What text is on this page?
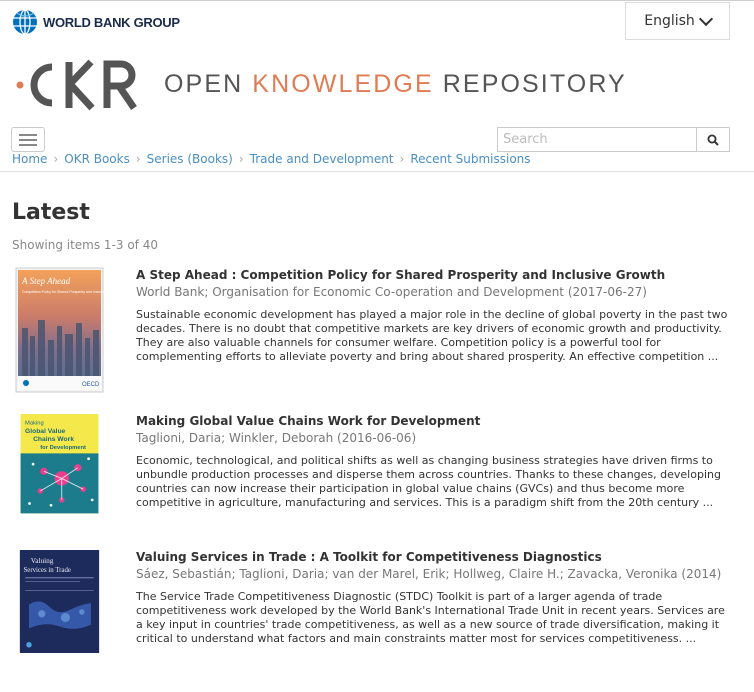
WORLD BANK GROUP	English
OPEN KNOWLEDGE REPOSITORY
Search
Home › OKR Books › Series (Books) › Trade and Development › Recent Submissions
Latest
Showing items 1-3 of 40
A Step Ahead
Competition Policy for Shared Prosperity and Inclusive Growth
OECD
A Step Ahead : Competition Policy for Shared Prosperity and Inclusive Growth
World Bank; Organisation for Economic Co-operation and Development (2017-06-27)
Sustainable economic development has played a major role in the decline of global poverty in the past two decades. There is no doubt that competitive markets are key drivers of economic growth and productivity. They are also valuable channels for consumer welfare. Competition policy is a powerful tool for complementing efforts to alleviate poverty and bring about shared prosperity. An effective competition ...
Making
Global Value
Chains Work
for Development
Making Global Value Chains Work for Development
Taglioni, Daria; Winkler, Deborah (2016-06-06)
Economic, technological, and political shifts as well as changing business strategies have driven firms to unbundle production processes and disperse them across countries. Thanks to these changes, developing countries can now increase their participation in global value chains (GVCs) and thus become more competitive in agriculture, manufacturing and services. This is a paradigm shift from the 20th century ...
Valuing
Services in Trade
Valuing Services in Trade : A Toolkit for Competitiveness Diagnostics
Sáez, Sebastián; Taglioni, Daria; van der Marel, Erik; Hollweg, Claire H.; Zavacka, Veronika (2014)
The Service Trade Competitiveness Diagnostic (STDC) Toolkit is part of a larger agenda of trade competitiveness work developed by the World Bank's International Trade Unit in recent years. Services are a key input in countries' trade competitiveness, as well as a new source of trade diversification, making it critical to understand what factors and main constraints matter most for services competitiveness. ...
